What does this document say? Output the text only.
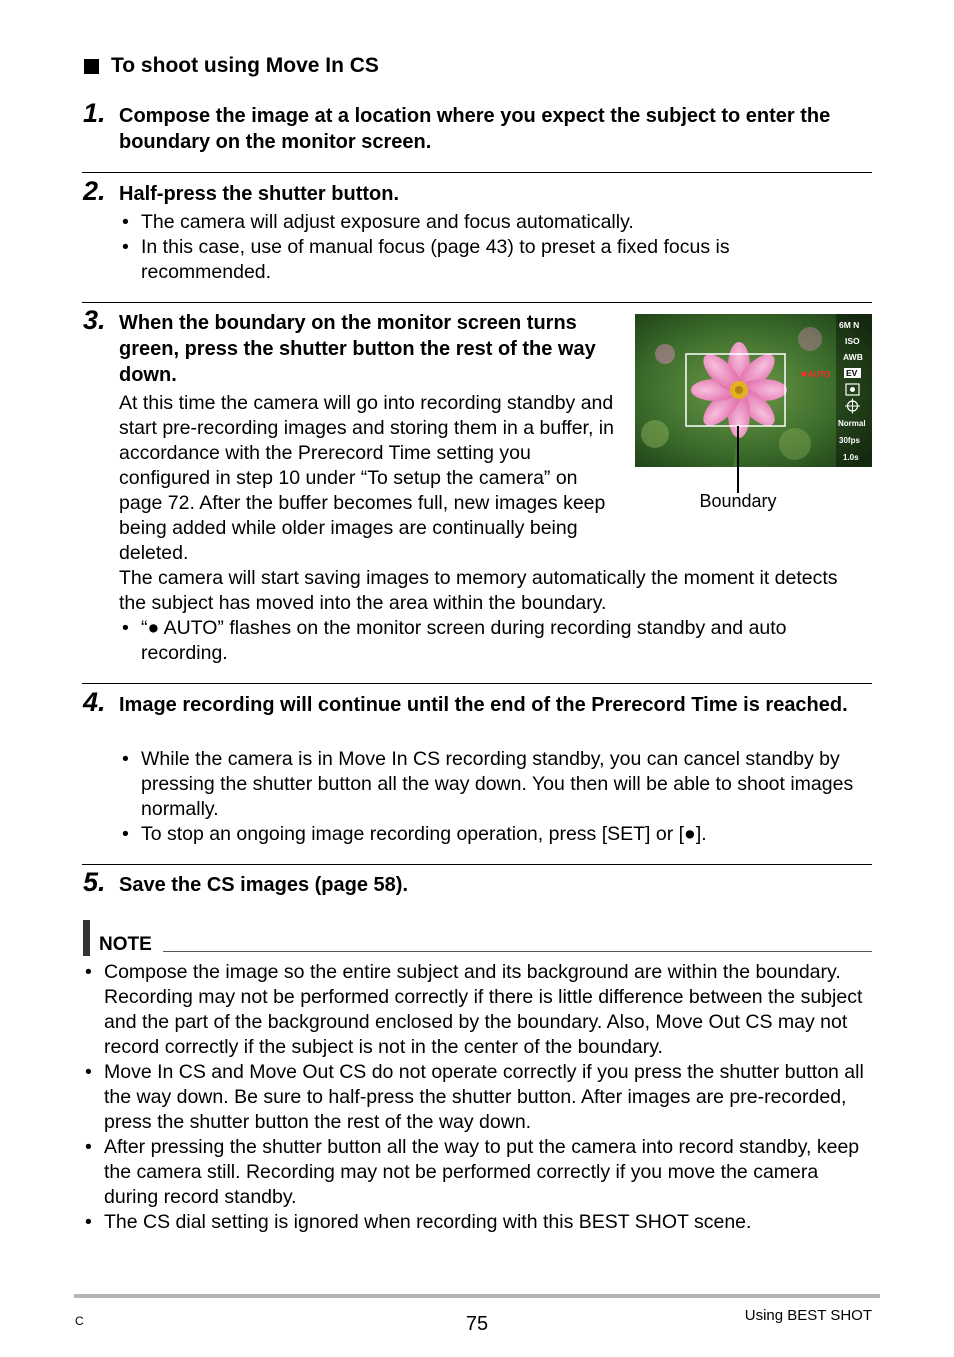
To shoot using Move In CS
1. Compose the image at a location where you expect the subject to enter the boundary on the monitor screen.
2. Half-press the shutter button.
• The camera will adjust exposure and focus automatically.
• In this case, use of manual focus (page 43) to preset a fixed focus is recommended.
3. When the boundary on the monitor screen turns green, press the shutter button the rest of the way down.
At this time the camera will go into recording standby and start pre-recording images and storing them in a buffer, in accordance with the Prerecord Time setting you configured in step 10 under “To setup the camera” on page 72. After the buffer becomes full, new images keep being added while older images are continually being deleted.
The camera will start saving images to memory automatically the moment it detects the subject has moved into the area within the boundary.
• “● AUTO” flashes on the monitor screen during recording standby and auto recording.
AUTO
6M N
ISO
AWB
EV
Normal
30fps
1.0s
Boundary
4. Image recording will continue until the end of the Prerecord Time is reached.
• While the camera is in Move In CS recording standby, you can cancel standby by pressing the shutter button all the way down. You then will be able to shoot images normally.
• To stop an ongoing image recording operation, press [SET] or [●].
5. Save the CS images (page 58).
NOTE
• Compose the image so the entire subject and its background are within the boundary. Recording may not be performed correctly if there is little difference between the subject and the part of the background enclosed by the boundary. Also, Move Out CS may not record correctly if the subject is not in the center of the boundary.
• Move In CS and Move Out CS do not operate correctly if you press the shutter button all the way down. Be sure to half-press the shutter button. After images are pre-recorded, press the shutter button the rest of the way down.
• After pressing the shutter button all the way to put the camera into record standby, keep the camera still. Recording may not be performed correctly if you move the camera during record standby.
• The CS dial setting is ignored when recording with this BEST SHOT scene.
C	75	Using BEST SHOT
